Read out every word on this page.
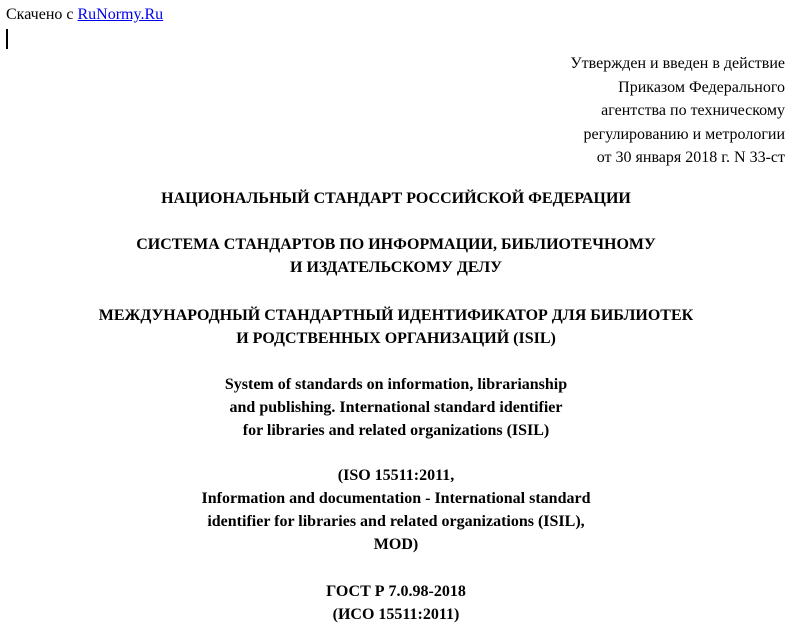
Скачено с RuNormy.Ru
Утвержден и введен в действие
Приказом Федерального
агентства по техническому
регулированию и метрологии
от 30 января 2018 г. N 33-ст
НАЦИОНАЛЬНЫЙ СТАНДАРТ РОССИЙСКОЙ ФЕДЕРАЦИИ
СИСТЕМА СТАНДАРТОВ ПО ИНФОРМАЦИИ, БИБЛИОТЕЧНОМУ
И ИЗДАТЕЛЬСКОМУ ДЕЛУ
МЕЖДУНАРОДНЫЙ СТАНДАРТНЫЙ ИДЕНТИФИКАТОР ДЛЯ БИБЛИОТЕК
И РОДСТВЕННЫХ ОРГАНИЗАЦИЙ (ISIL)
System of standards on information, librarianship
and publishing. International standard identifier
for libraries and related organizations (ISIL)
(ISO 15511:2011,
Information and documentation - International standard
identifier for libraries and related organizations (ISIL),
MOD)
ГОСТ Р 7.0.98-2018
(ИСО 15511:2011)
